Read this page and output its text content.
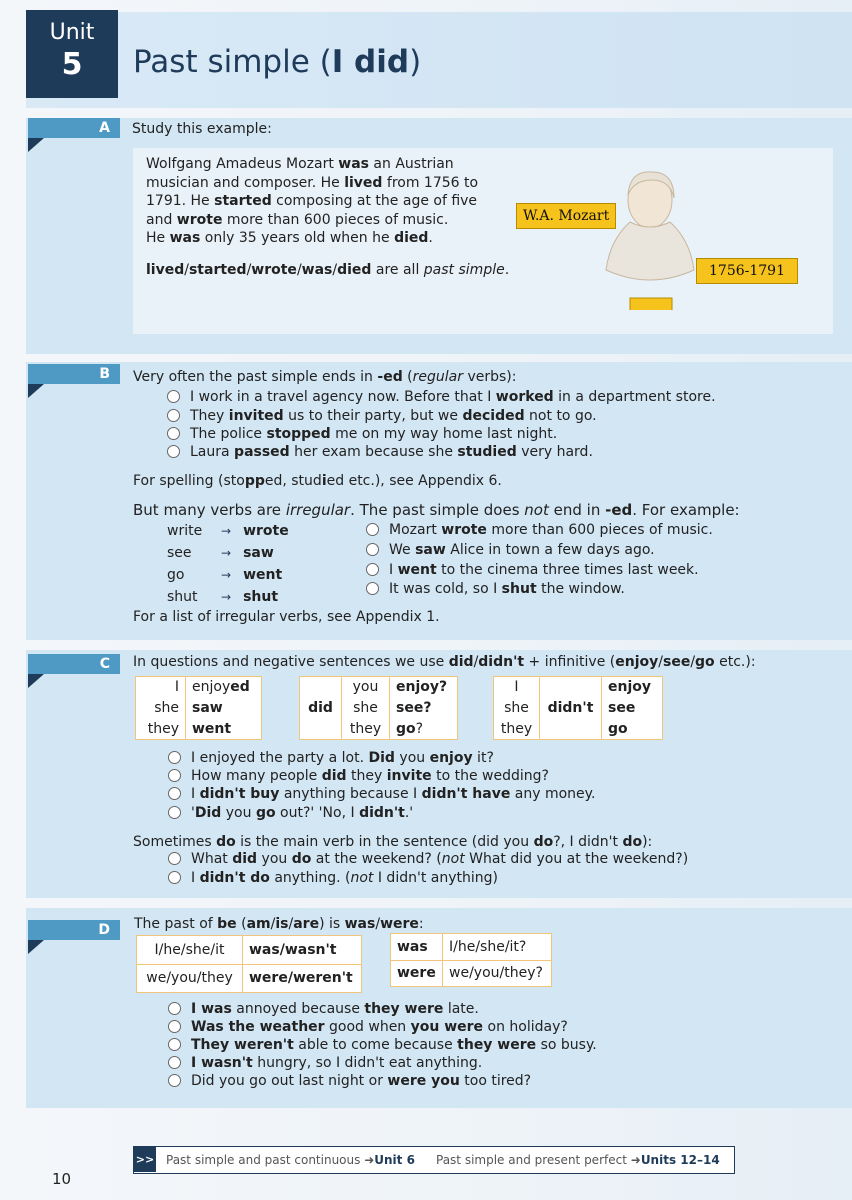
Unit
5	Past simple (I did)
A	Study this example:
Wolfgang Amadeus Mozart was an Austrian
musician and composer. He lived from 1756 to
1791. He started composing at the age of five
and wrote more than 600 pieces of music.
He was only 35 years old when he died.
lived/started/wrote/was/died are all past simple.
W.A. Mozart
1756-1791
B	Very often the past simple ends in -ed (regular verbs):
I work in a travel agency now. Before that I worked in a department store.
They invited us to their party, but we decided not to go.
The police stopped me on my way home last night.
Laura passed her exam because she studied very hard.
For spelling (stopped, studied etc.), see Appendix 6.
But many verbs are irregular. The past simple does not end in -ed. For example:
write	→	wrote
see	→	saw
go	→	went
shut	→	shut
Mozart wrote more than 600 pieces of music.
We saw Alice in town a few days ago.
I went to the cinema three times last week.
It was cold, so I shut the window.
For a list of irregular verbs, see Appendix 1.
C	In questions and negative sentences we use did/didn't + infinitive (enjoy/see/go etc.):
I	enjoyed
she	saw
they	went
did	you	enjoy?
	she	see?
	they	go?
I	didn't	enjoy
she		see
they		go
I enjoyed the party a lot. Did you enjoy it?
How many people did they invite to the wedding?
I didn't buy anything because I didn't have any money.
'Did you go out?' 'No, I didn't.'
Sometimes do is the main verb in the sentence (did you do?, I didn't do):
What did you do at the weekend? (not What did you at the weekend?)
I didn't do anything. (not I didn't anything)
D	The past of be (am/is/are) is was/were:
I/he/she/it	was/wasn't
we/you/they	were/weren't
was	I/he/she/it?
were	we/you/they?
I was annoyed because they were late.
Was the weather good when you were on holiday?
They weren't able to come because they were so busy.
I wasn't hungry, so I didn't eat anything.
Did you go out last night or were you too tired?
>> Past simple and past continuous ➜Unit 6 Past simple and present perfect ➜Units 12–14
10
